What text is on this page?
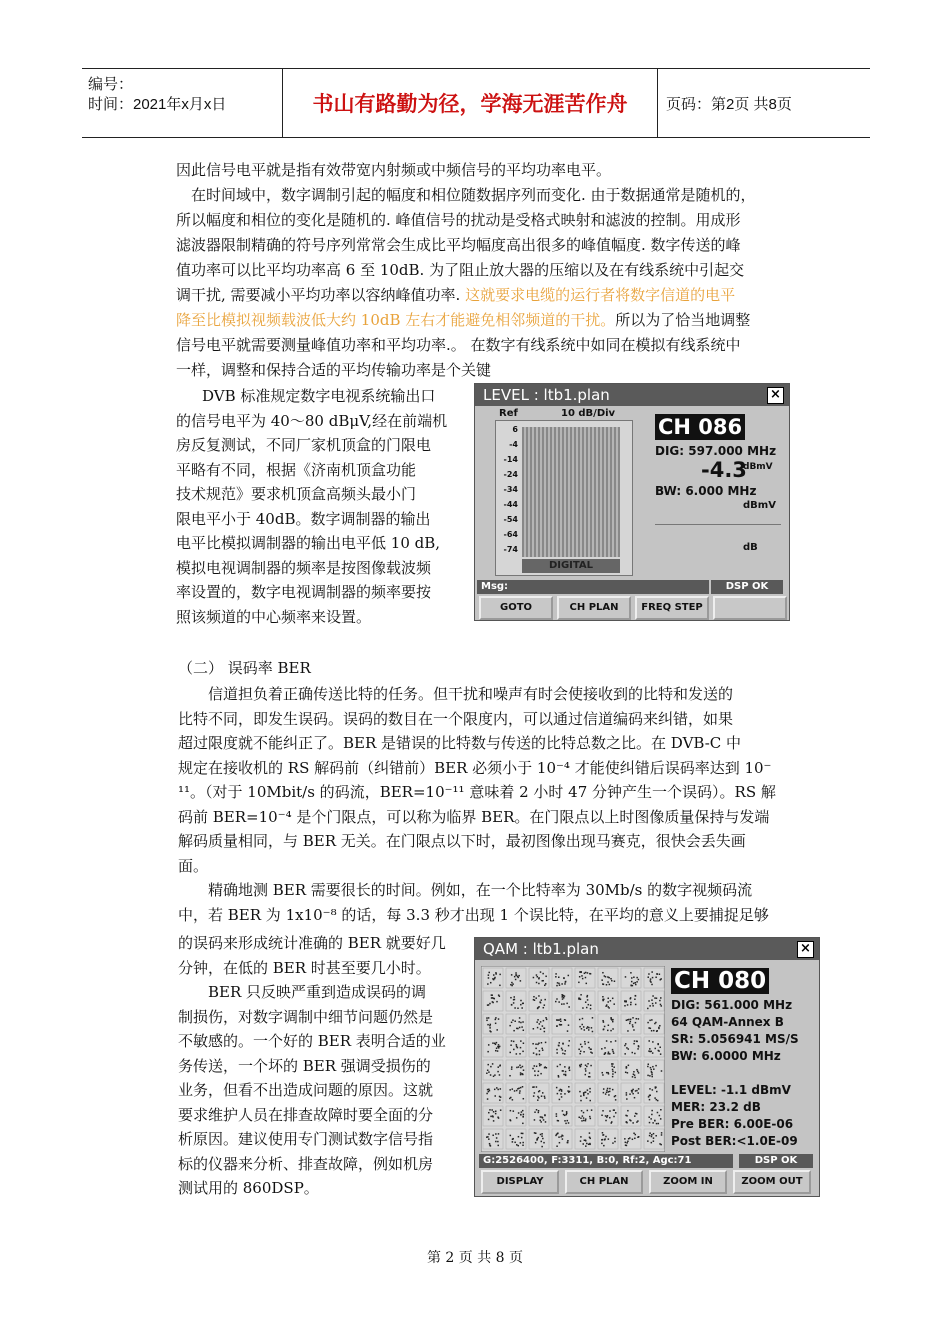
编号：
时间：2021年x月x日	书山有路勤为径，学海无涯苦作舟	页码：第2页 共8页
因此信号电平就是指有效带宽内射频或中频信号的平均功率电平。
　在时间域中，数字调制引起的幅度和相位随数据序列而变化. 由于数据通常是随机的，
所以幅度和相位的变化是随机的. 峰值信号的扰动是受格式映射和滤波的控制。用成形
滤波器限制精确的符号序列常常会生成比平均幅度高出很多的峰值幅度. 数字传送的峰
值功率可以比平均功率高 6 至 10dB. 为了阻止放大器的压缩以及在有线系统中引起交
调干扰, 需要减小平均功率以容纳峰值功率. 这就要求电缆的运行者将数字信道的电平
降至比模拟视频载波低大约 10dB 左右才能避免相邻频道的干扰。所以为了恰当地调整
信号电平就需要测量峰值功率和平均功率.。 在数字有线系统中如同在模拟有线系统中
一样，调整和保持合适的平均传输功率是个关键
DVB 标准规定数字电视系统输出口
的信号电平为 40～80 dBμV,经在前端机
房反复测试，不同厂家机顶盒的门限电
平略有不同，根据《济南机顶盒功能
技术规范》要求机顶盒高频头最小门
限电平小于 40dB。数字调制器的输出
电平比模拟调制器的输出电平低 10 dB,
模拟电视调制器的频率是按图像载波频
率设置的，数字电视调制器的频率要按
照该频道的中心频率来设置。
LEVEL : ltb1.plan	×
Ref	10 dB/Div
6
-4
-14
-24
-34
-44
-54
-64
-74
DIGITAL
CH 086
DIG: 597.000 MHz
-4.3
dBmV
BW: 6.000 MHz
dBmV
dB
Msg:	DSP OK
GOTO	CH PLAN	FREQ STEP
（二） 误码率 BER
　　信道担负着正确传送比特的任务。但干扰和噪声有时会使接收到的比特和发送的
比特不同，即发生误码。误码的数目在一个限度内，可以通过信道编码来纠错，如果
超过限度就不能纠正了。BER 是错误的比特数与传送的比特总数之比。在 DVB-C 中
规定在接收机的 RS 解码前（纠错前）BER 必须小于 10⁻⁴ 才能使纠错后误码率达到 10⁻
¹¹。（对于 10Mbit/s 的码流，BER=10⁻¹¹ 意味着 2 小时 47 分钟产生一个误码）。RS 解
码前 BER=10⁻⁴ 是个门限点，可以称为临界 BER。在门限点以上时图像质量保持与发端
解码质量相同，与 BER 无关。在门限点以下时，最初图像出现马赛克，很快会丢失画
面。
　　精确地测 BER 需要很长的时间。例如，在一个比特率为 30Mb/s 的数字视频码流
中，若 BER 为 1x10⁻⁸ 的话，每 3.3 秒才出现 1 个误比特，在平均的意义上要捕捉足够
的误码来形成统计准确的 BER 就要好几
分钟，在低的 BER 时甚至要几小时。
　　BER 只反映严重到造成误码的调
制损伤，对数字调制中细节问题仍然是
不敏感的。一个好的 BER 表明合适的业
务传送，一个坏的 BER 强调受损伤的
业务，但看不出造成问题的原因。这就
要求维护人员在排查故障时要全面的分
析原因。建议使用专门测试数字信号指
标的仪器来分析、排查故障，例如机房
测试用的 860DSP。
QAM : ltb1.plan	×
CH 080
DIG: 561.000 MHz
64 QAM-Annex B
SR: 5.056941 MS/S
BW: 6.0000 MHz
LEVEL: -1.1 dBmV
MER: 23.2 dB
Pre BER: 6.00E-06
Post BER:<1.0E-09
G:2526400, F:3311, B:0, Rf:2, Agc:71	DSP OK
DISPLAY	CH PLAN	ZOOM IN	ZOOM OUT
第 2 页 共 8 页
